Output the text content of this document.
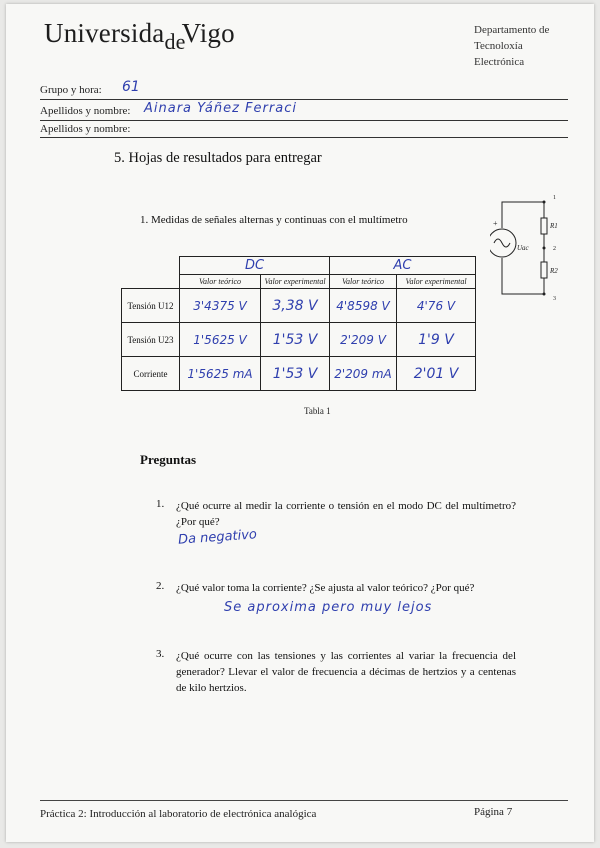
Universida$_{de}$Vigo	Departamento de
Tecnoloxía
Electrónica
Grupo y hora: 61
Apellidos y nombre: Ainara Yáñez Ferraci
Apellidos y nombre:
5. Hojas de resultados para entregar
1. Medidas de señales alternas y continuas con el multímetro
1
2
3
R1
R2
Uac
+
	DC		AC	
	Valor teórico	Valor experimental	Valor teórico	Valor experimental
Tensión U12	3'4375 V	3,38 V	4'8598 V	4'76 V
Tensión U23	1'5625 V	1'53 V	2'209 V	1'9 V
Corriente	1'5625 mA	1'53 V	2'209 mA	2'01 V
Tabla 1
Preguntas
1. ¿Qué ocurre al medir la corriente o tensión en el modo DC del multímetro? ¿Por qué?
Da negativo
2. ¿Qué valor toma la corriente? ¿Se ajusta al valor teórico? ¿Por qué?
Se aproxima pero muy lejos
3. ¿Qué ocurre con las tensiones y las corrientes al variar la frecuencia del generador? Llevar el valor de frecuencia a décimas de hertzios y a centenas de kilo hertzios.
Práctica 2: Introducción al laboratorio de electrónica analógica	Página 7
